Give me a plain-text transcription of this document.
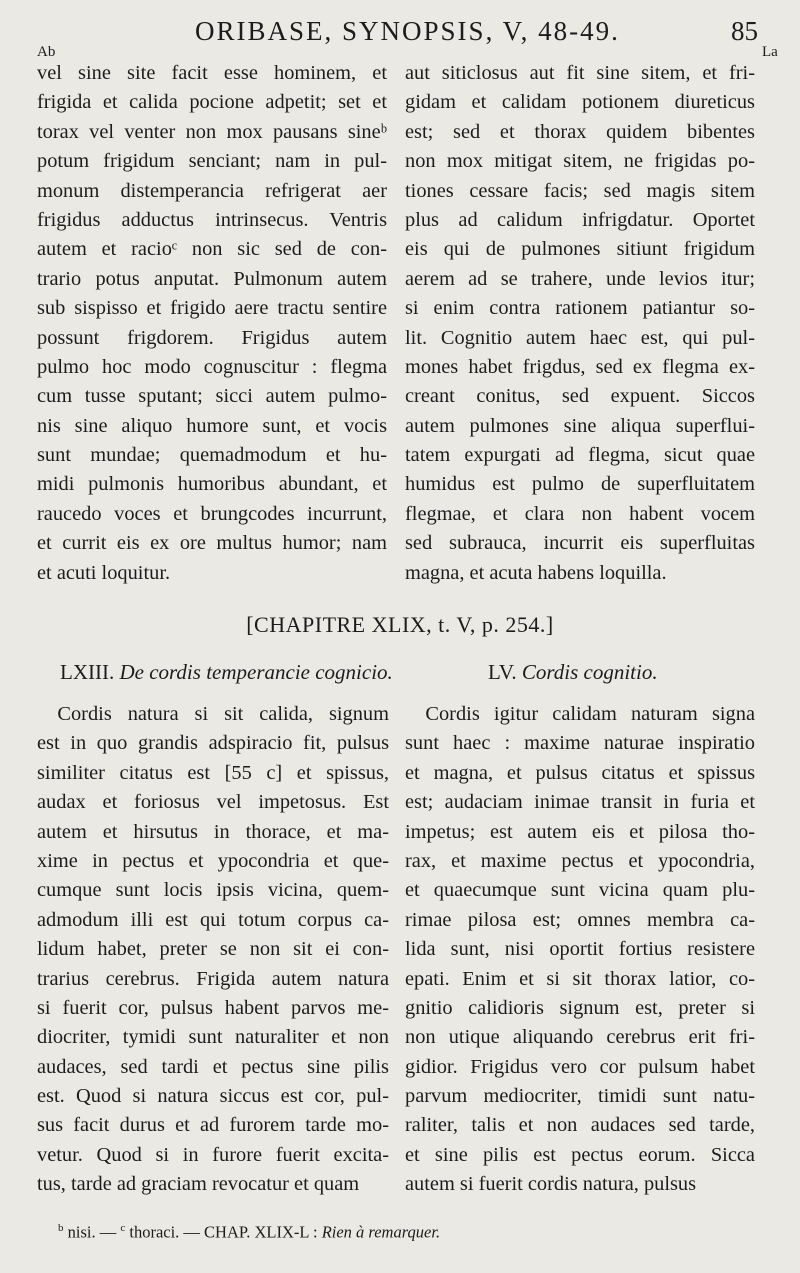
ORIBASE, SYNOPSIS, V, 48-49.	85
Ab	La
vel sine site facit esse hominem, et
frigida et calida pocione adpetit; set et
torax vel venter non mox pausans sineᵇ
potum frigidum senciant; nam in pul-
monum distemperancia refrigerat aer
frigidus adductus intrinsecus. Ventris
autem et racioᶜ non sic sed de con-
trario potus anputat. Pulmonum autem
sub sispisso et frigido aere tractu sentire
possunt frigdorem. Frigidus autem
pulmo hoc modo cognuscitur : flegma
cum tusse sputant; sicci autem pulmo-
nis sine aliquo humore sunt, et vocis
sunt mundae; quemadmodum et hu-
midi pulmonis humoribus abundant, et
raucedo voces et brungcodes incurrunt,
et currit eis ex ore multus humor; nam
et acuti loquitur.
aut siticlosus aut fit sine sitem, et fri-
gidam et calidam potionem diureticus
est; sed et thorax quidem bibentes
non mox mitigat sitem, ne frigidas po-
tiones cessare facis; sed magis sitem
plus ad calidum infrigdatur. Oportet
eis qui de pulmones sitiunt frigidum
aerem ad se trahere, unde levios itur;
si enim contra rationem patiantur so-
lit. Cognitio autem haec est, qui pul-
mones habet frigdus, sed ex flegma ex-
creant conitus, sed expuent. Siccos
autem pulmones sine aliqua superflui-
tatem expurgati ad flegma, sicut quae
humidus est pulmo de superfluitatem
flegmae, et clara non habent vocem
sed subrauca, incurrit eis superfluitas
magna, et acuta habens loquilla.
[CHAPITRE XLIX, t. V, p. 254.]
LXIII. De cordis temperancie cognicio.	LV. Cordis cognitio.
 Cordis natura si sit calida, signum
est in quo grandis adspiracio fit, pulsus
similiter citatus est [55 c] et spissus,
audax et foriosus vel impetosus. Est
autem et hirsutus in thorace, et ma-
xime in pectus et ypocondria et que-
cumque sunt locis ipsis vicina, quem-
admodum illi est qui totum corpus ca-
lidum habet, preter se non sit ei con-
trarius cerebrus. Frigida autem natura
si fuerit cor, pulsus habent parvos me-
diocriter, tymidi sunt naturaliter et non
audaces, sed tardi et pectus sine pilis
est. Quod si natura siccus est cor, pul-
sus facit durus et ad furorem tarde mo-
vetur. Quod si in furore fuerit excita-
tus, tarde ad graciam revocatur et quam
 Cordis igitur calidam naturam signa
sunt haec : maxime naturae inspiratio
et magna, et pulsus citatus et spissus
est; audaciam inimae transit in furia et
impetus; est autem eis et pilosa tho-
rax, et maxime pectus et ypocondria,
et quaecumque sunt vicina quam plu-
rimae pilosa est; omnes membra ca-
lida sunt, nisi oportit fortius resistere
epati. Enim et si sit thorax latior, co-
gnitio calidioris signum est, preter si
non utique aliquando cerebrus erit fri-
gidior. Frigidus vero cor pulsum habet
parvum mediocriter, timidi sunt natu-
raliter, talis et non audaces sed tarde,
et sine pilis est pectus eorum. Sicca
autem si fuerit cordis natura, pulsus
$^b$ nisi. — $^c$ thoraci. — CHAP. XLIX-L : Rien à remarquer.
